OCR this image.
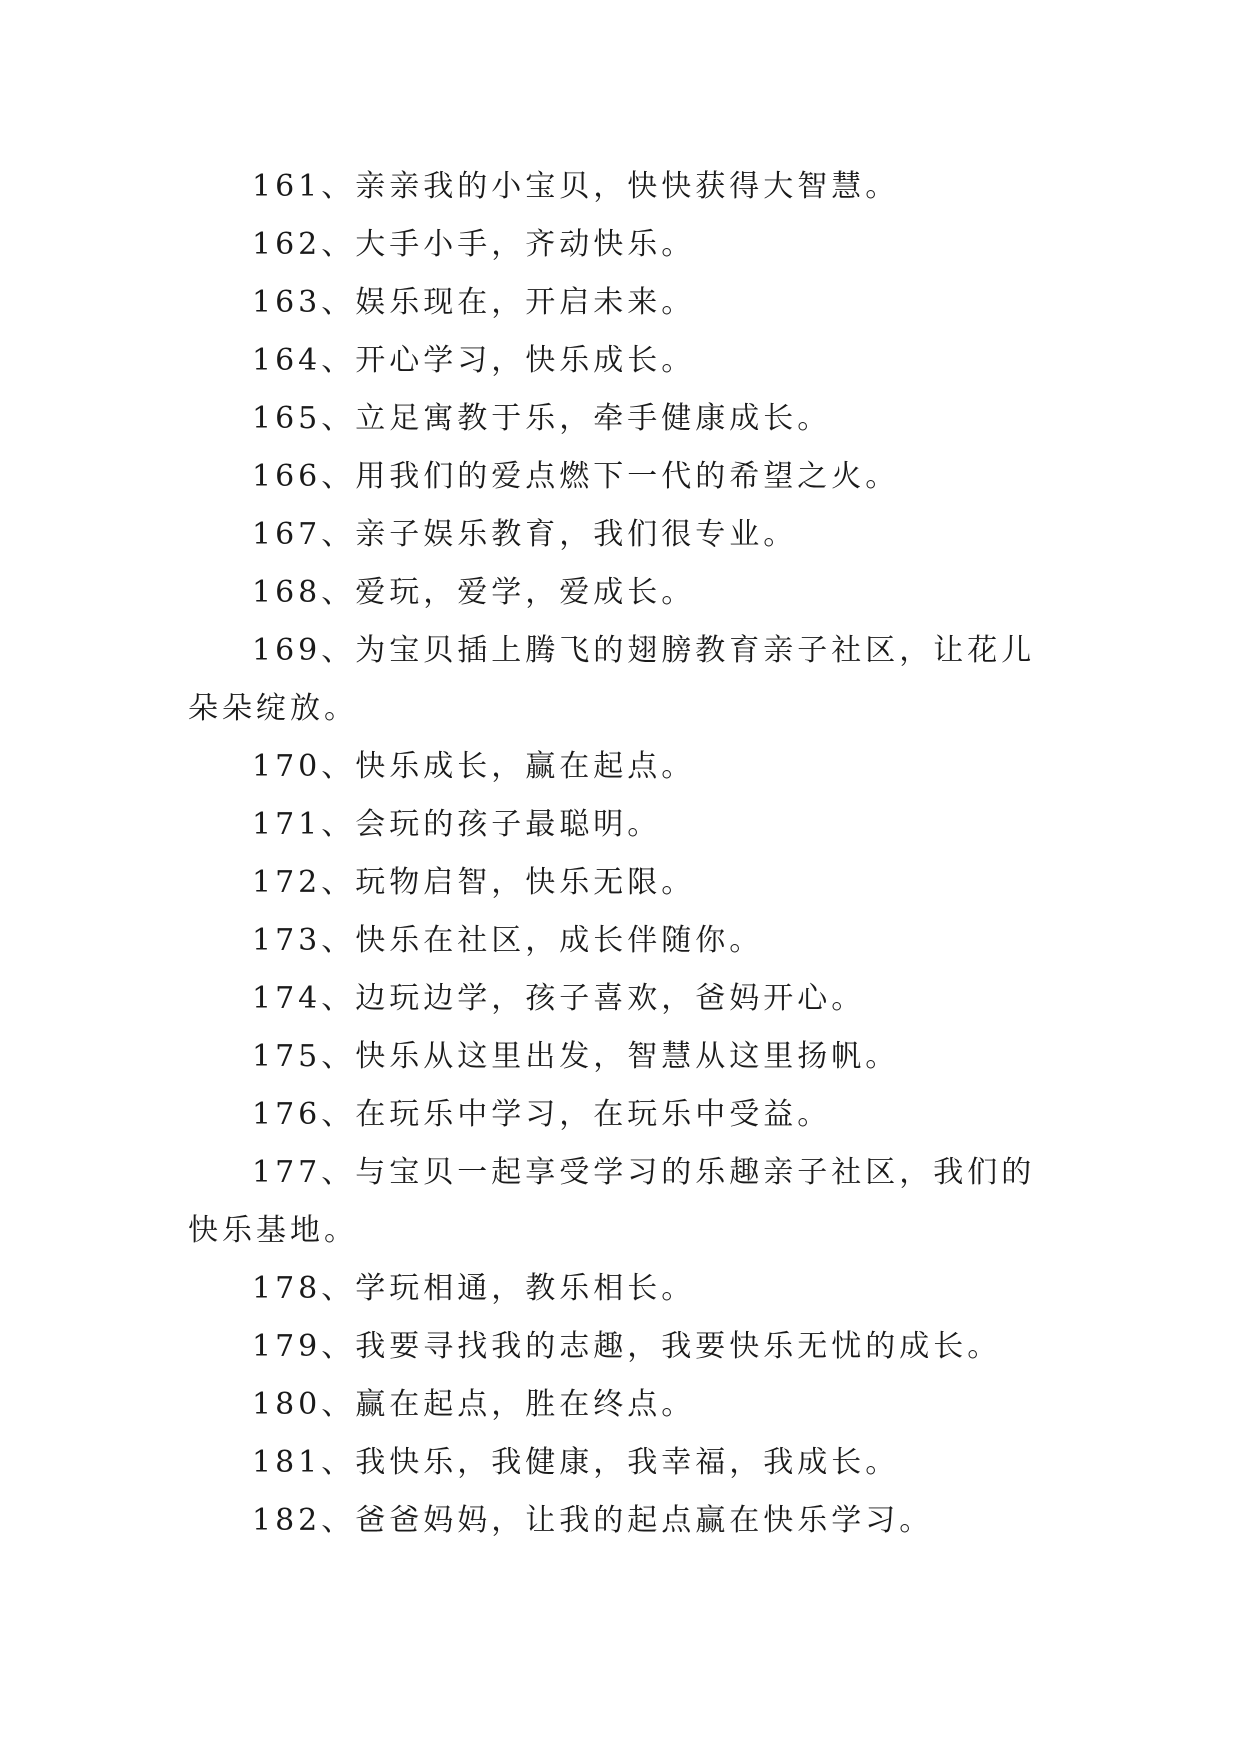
161、亲亲我的小宝贝，快快获得大智慧。

162、大手小手，齐动快乐。

163、娱乐现在，开启未来。

164、开心学习，快乐成长。

165、立足寓教于乐，牵手健康成长。

166、用我们的爱点燃下一代的希望之火。

167、亲子娱乐教育，我们很专业。

168、爱玩，爱学，爱成长。

169、为宝贝插上腾飞的翅膀教育亲子社区，让花儿朵朵绽放。

170、快乐成长，赢在起点。

171、会玩的孩子最聪明。

172、玩物启智，快乐无限。

173、快乐在社区，成长伴随你。

174、边玩边学，孩子喜欢，爸妈开心。

175、快乐从这里出发，智慧从这里扬帆。

176、在玩乐中学习，在玩乐中受益。

177、与宝贝一起享受学习的乐趣亲子社区，我们的快乐基地。

178、学玩相通，教乐相长。

179、我要寻找我的志趣，我要快乐无忧的成长。

180、赢在起点，胜在终点。

181、我快乐，我健康，我幸福，我成长。

182、爸爸妈妈，让我的起点赢在快乐学习。
